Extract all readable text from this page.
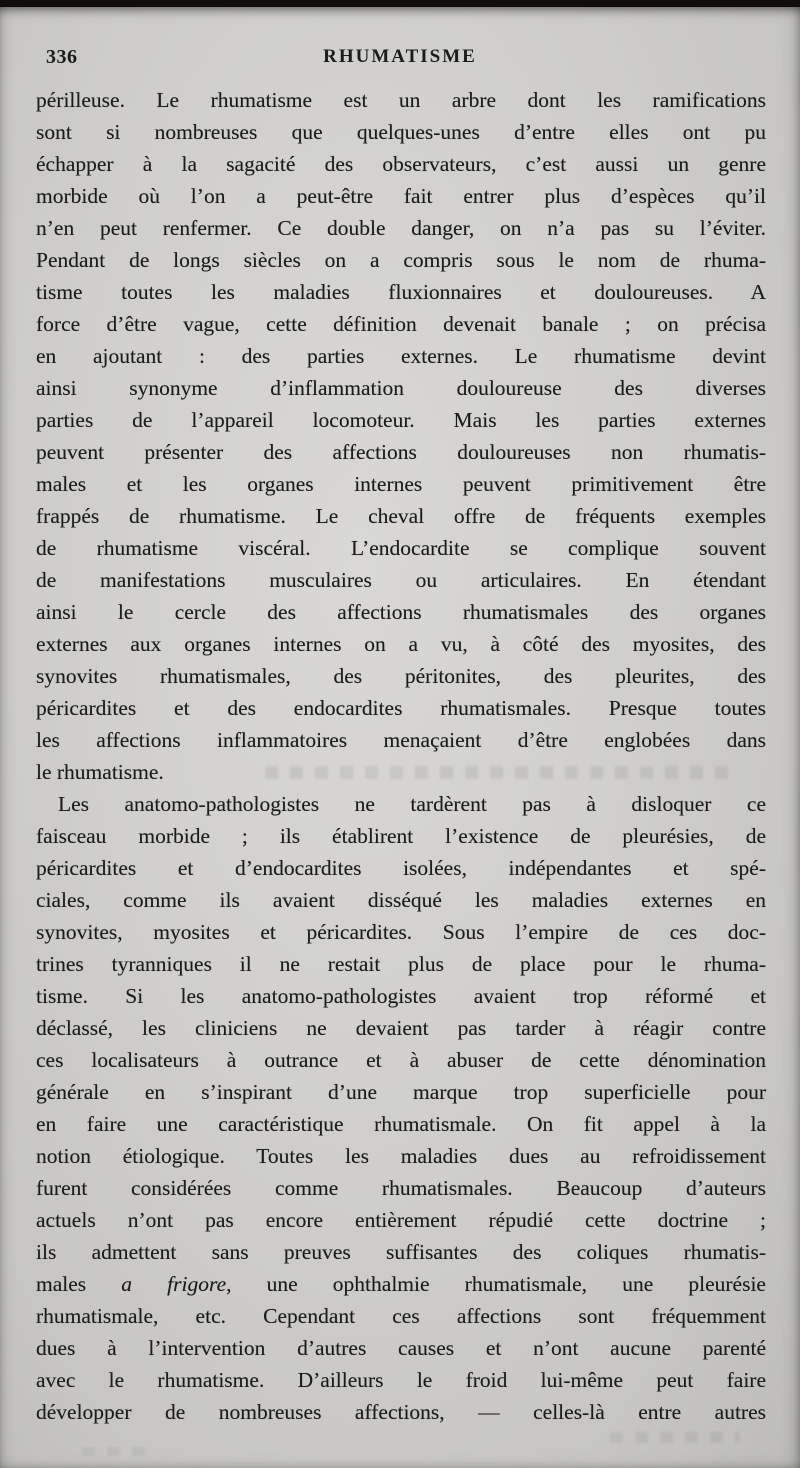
336	RHUMATISME
périlleuse. Le rhumatisme est un arbre dont les ramifications
sont si nombreuses que quelques-unes d’entre elles ont pu
échapper à la sagacité des observateurs, c’est aussi un genre
morbide où l’on a peut-être fait entrer plus d’espèces qu’il
n’en peut renfermer. Ce double danger, on n’a pas su l’éviter.
Pendant de longs siècles on a compris sous le nom de rhuma-
tisme toutes les maladies fluxionnaires et douloureuses. A
force d’être vague, cette définition devenait banale ; on précisa
en ajoutant : des parties externes. Le rhumatisme devint
ainsi synonyme d’inflammation douloureuse des diverses
parties de l’appareil locomoteur. Mais les parties externes
peuvent présenter des affections douloureuses non rhumatis-
males et les organes internes peuvent primitivement être
frappés de rhumatisme. Le cheval offre de fréquents exemples
de rhumatisme viscéral. L’endocardite se complique souvent
de manifestations musculaires ou articulaires. En étendant
ainsi le cercle des affections rhumatismales des organes
externes aux organes internes on a vu, à côté des myosites, des
synovites rhumatismales, des péritonites, des pleurites, des
péricardites et des endocardites rhumatismales. Presque toutes
les affections inflammatoires menaçaient d’être englobées dans
le rhumatisme.
Les anatomo-pathologistes ne tardèrent pas à disloquer ce
faisceau morbide ; ils établirent l’existence de pleurésies, de
péricardites et d’endocardites isolées, indépendantes et spé-
ciales, comme ils avaient disséqué les maladies externes en
synovites, myosites et péricardites. Sous l’empire de ces doc-
trines tyranniques il ne restait plus de place pour le rhuma-
tisme. Si les anatomo-pathologistes avaient trop réformé et
déclassé, les cliniciens ne devaient pas tarder à réagir contre
ces localisateurs à outrance et à abuser de cette dénomination
générale en s’inspirant d’une marque trop superficielle pour
en faire une caractéristique rhumatismale. On fit appel à la
notion étiologique. Toutes les maladies dues au refroidissement
furent considérées comme rhumatismales. Beaucoup d’auteurs
actuels n’ont pas encore entièrement répudié cette doctrine ;
ils admettent sans preuves suffisantes des coliques rhumatis-
males a frigore, une ophthalmie rhumatismale, une pleurésie
rhumatismale, etc. Cependant ces affections sont fréquemment
dues à l’intervention d’autres causes et n’ont aucune parenté
avec le rhumatisme. D’ailleurs le froid lui-même peut faire
développer de nombreuses affections, — celles-là entre autres
